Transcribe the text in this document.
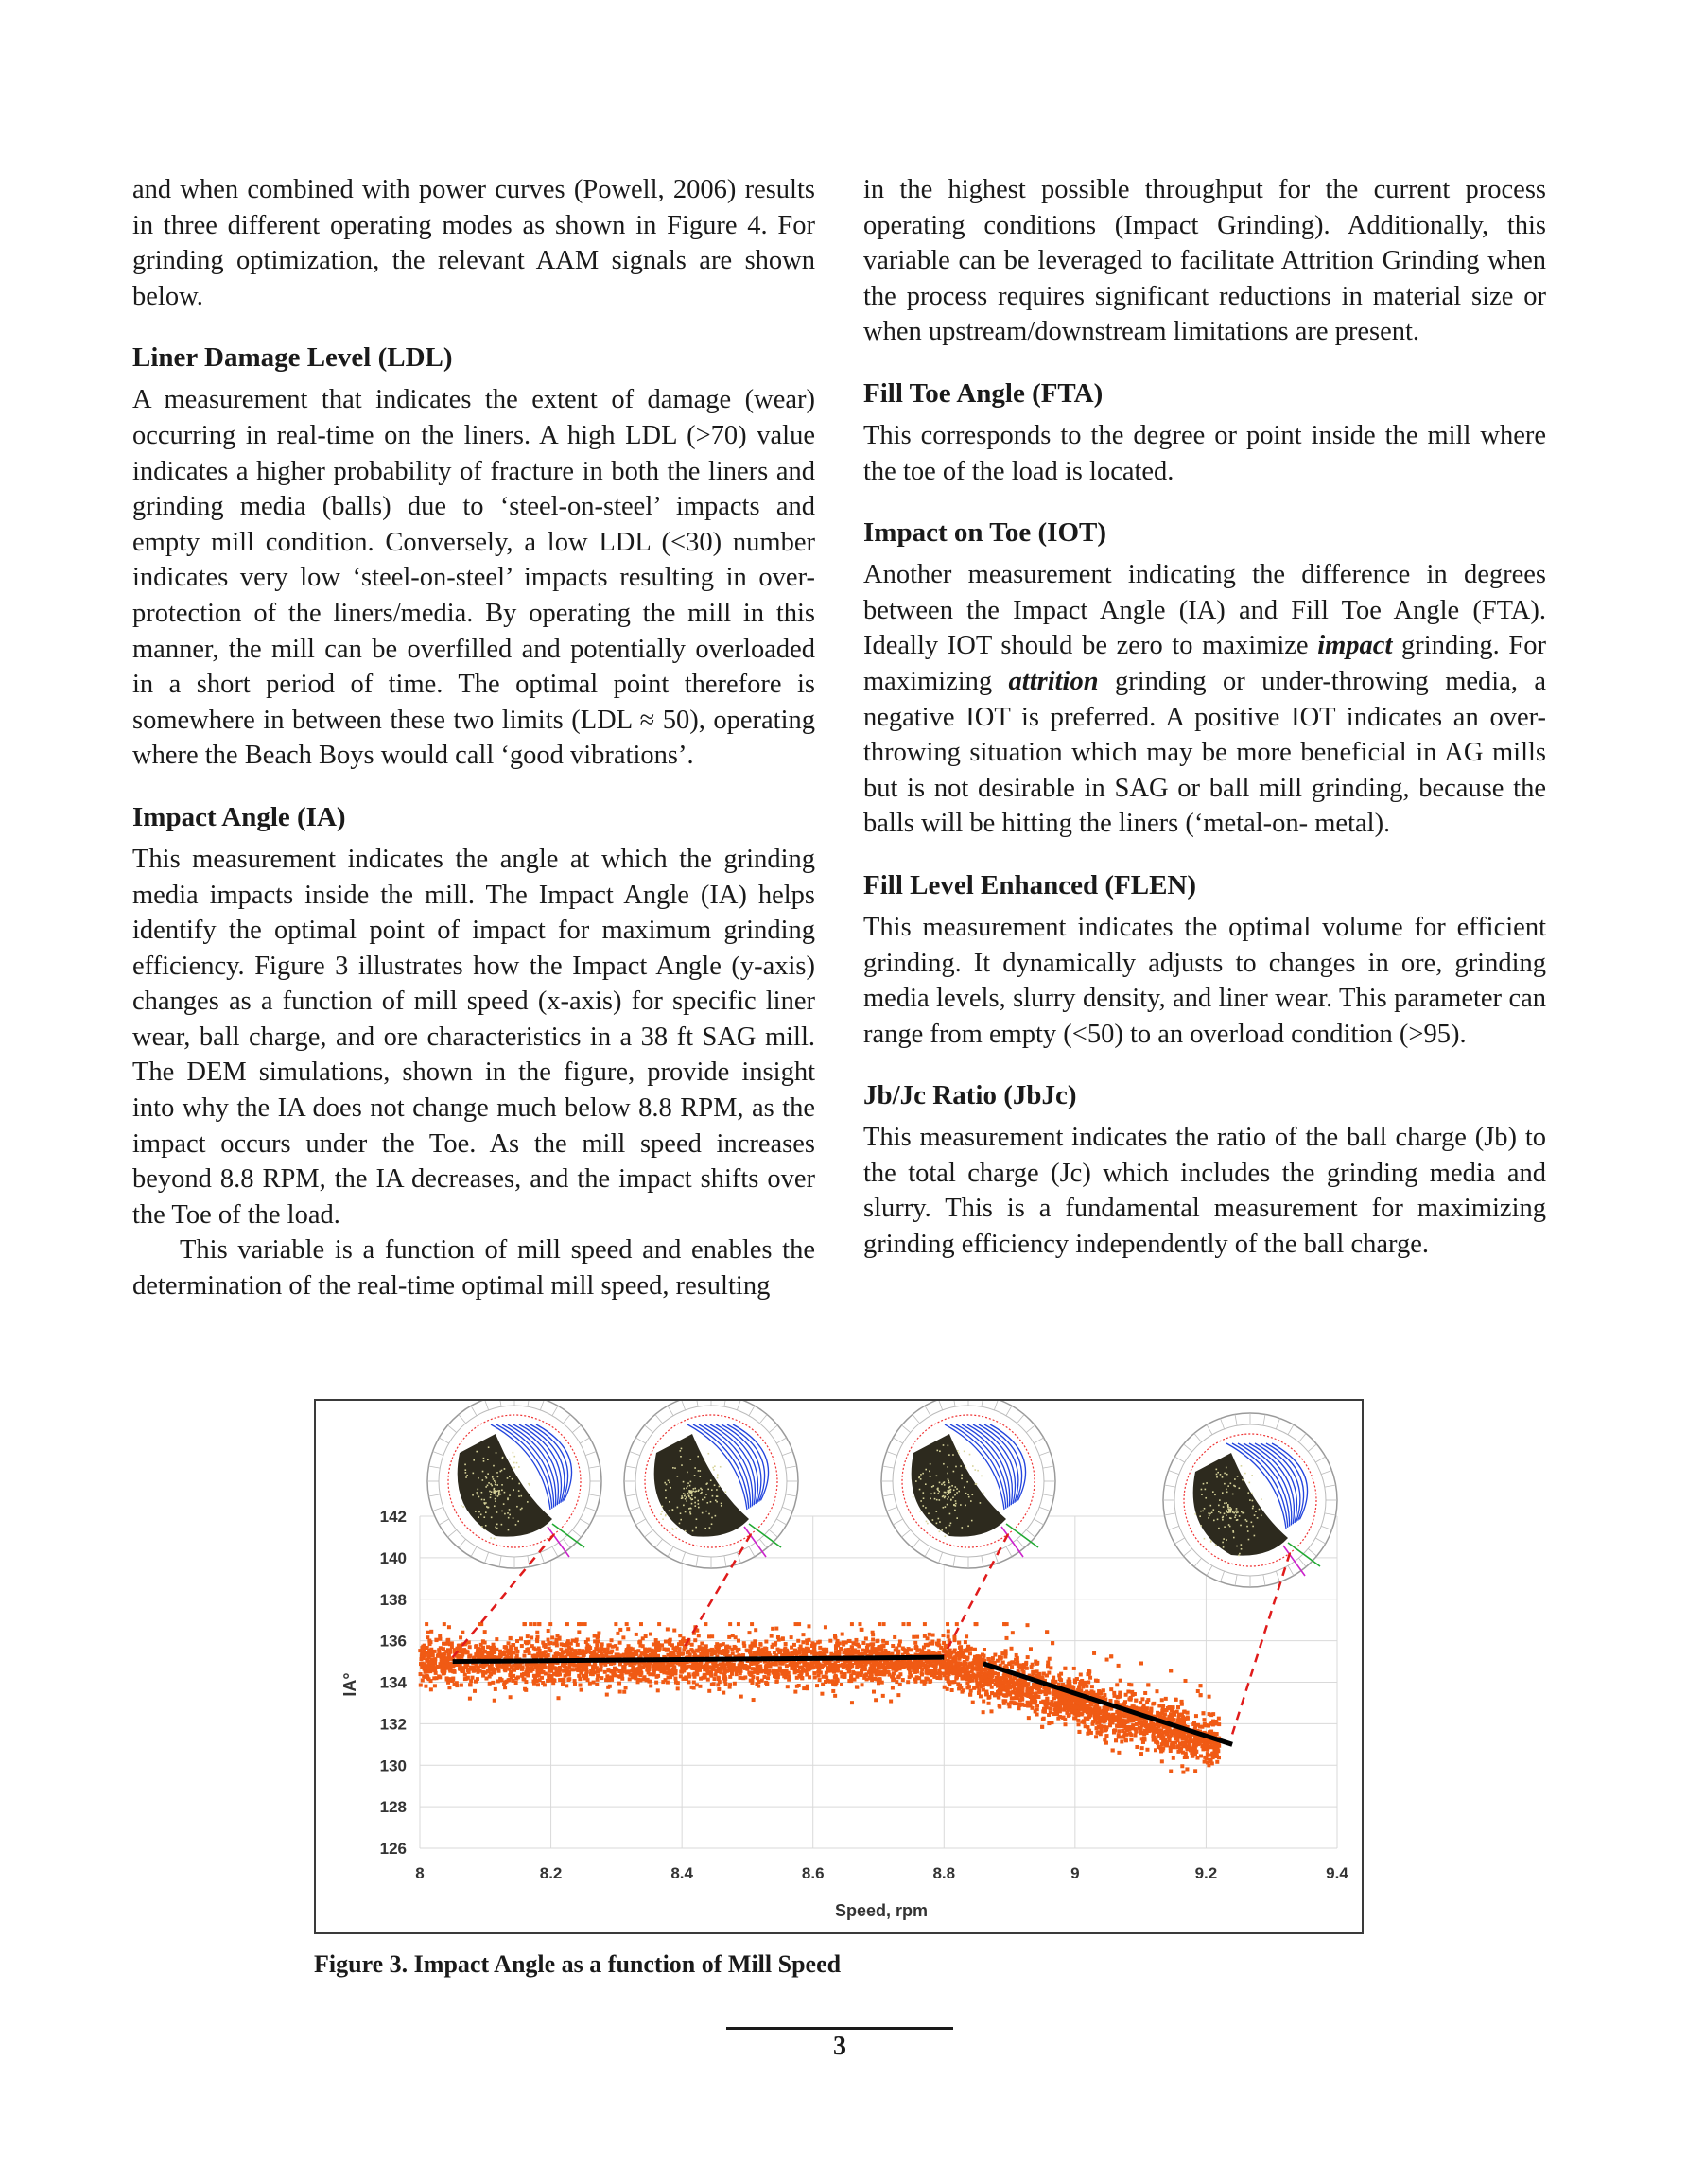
and when combined with power curves (Powell, 2006) results in three different operating modes as shown in Figure 4. For grinding optimization, the relevant AAM signals are shown below.

Liner Damage Level (LDL)

A measurement that indicates the extent of damage (wear) occurring in real-time on the liners. A high LDL (>70) value indicates a higher probability of fracture in both the liners and grinding media (balls) due to ‘steel-on-steel’ impacts and empty mill condition. Conversely, a low LDL (<30) number indicates very low ‘steel-on-steel’ impacts resulting in over-protection of the liners/media. By operating the mill in this manner, the mill can be overfilled and potentially overloaded in a short period of time. The optimal point therefore is somewhere in between these two limits (LDL ≈ 50), operating where the Beach Boys would call ‘good vibrations’.

Impact Angle (IA)

This measurement indicates the angle at which the grinding media impacts inside the mill. The Impact Angle (IA) helps identify the optimal point of impact for maximum grinding efficiency. Figure 3 illustrates how the Impact Angle (y-axis) changes as a function of mill speed (x-axis) for specific liner wear, ball charge, and ore characteristics in a 38 ft SAG mill. The DEM simulations, shown in the figure, provide insight into why the IA does not change much below 8.8 RPM, as the impact occurs under the Toe. As the mill speed increases beyond 8.8 RPM, the IA decreases, and the impact shifts over the Toe of the load.

This variable is a function of mill speed and enables the determination of the real-time optimal mill speed, resulting

in the highest possible throughput for the current process operating conditions (Impact Grinding). Additionally, this variable can be leveraged to facilitate Attrition Grinding when the process requires significant reductions in material size or when upstream/downstream limitations are present.

Fill Toe Angle (FTA)

This corresponds to the degree or point inside the mill where the toe of the load is located.

Impact on Toe (IOT)

Another measurement indicating the difference in degrees between the Impact Angle (IA) and Fill Toe Angle (FTA). Ideally IOT should be zero to maximize impact grinding. For maximizing attrition grinding or under-throwing media, a negative IOT is preferred. A positive IOT indicates an over-throwing situation which may be more beneficial in AG mills but is not desirable in SAG or ball mill grinding, because the balls will be hitting the liners (‘metal-on- metal).

Fill Level Enhanced (FLEN)

This measurement indicates the optimal volume for efficient grinding. It dynamically adjusts to changes in ore, grinding media levels, slurry density, and liner wear. This parameter can range from empty (<50) to an overload condition (>95).

Jb/Jc Ratio (JbJc)

This measurement indicates the ratio of the ball charge (Jb) to the total charge (Jc) which includes the grinding media and slurry. This is a fundamental measurement for maximizing grinding efficiency independently of the ball charge.

126
128
130
132
134
136
138
140
142
8	8.2	8.4	8.6	8.8	9	9.2	9.4
Speed, rpm
IA°
Figure 3. Impact Angle as a function of Mill Speed
3
